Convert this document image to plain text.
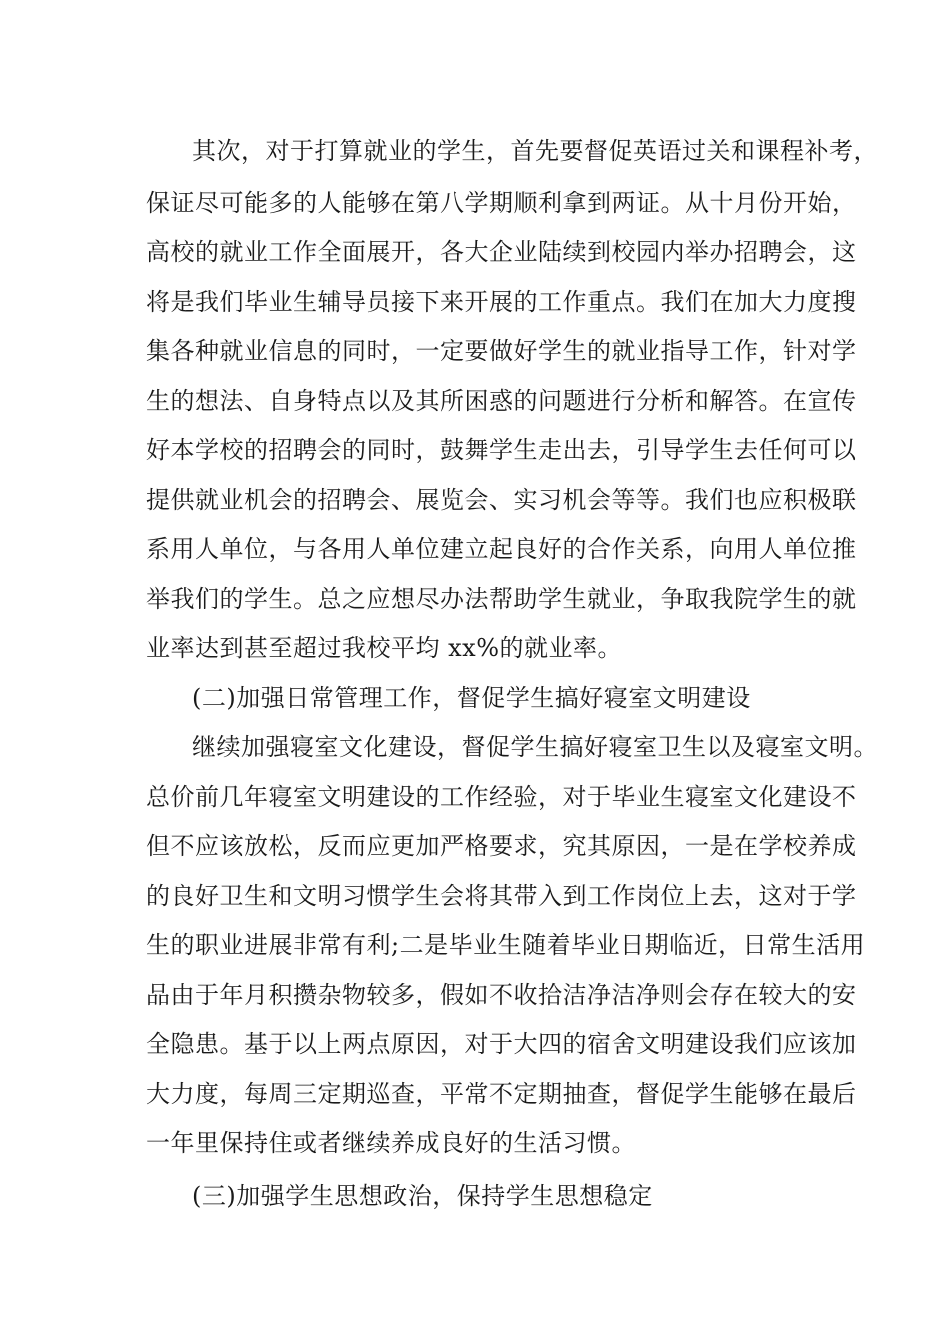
其次，对于打算就业的学生，首先要督促英语过关和课程补考，
保证尽可能多的人能够在第八学期顺利拿到两证。从十月份开始，
高校的就业工作全面展开，各大企业陆续到校园内举办招聘会，这
将是我们毕业生辅导员接下来开展的工作重点。我们在加大力度搜
集各种就业信息的同时，一定要做好学生的就业指导工作，针对学
生的想法、自身特点以及其所困惑的问题进行分析和解答。在宣传
好本学校的招聘会的同时，鼓舞学生走出去，引导学生去任何可以
提供就业机会的招聘会、展览会、实习机会等等。我们也应积极联
系用人单位，与各用人单位建立起良好的合作关系，向用人单位推
举我们的学生。总之应想尽办法帮助学生就业，争取我院学生的就
业率达到甚至超过我校平均 xx%的就业率。
(二)加强日常管理工作，督促学生搞好寝室文明建设
继续加强寝室文化建设，督促学生搞好寝室卫生以及寝室文明。
总价前几年寝室文明建设的工作经验，对于毕业生寝室文化建设不
但不应该放松，反而应更加严格要求，究其原因，一是在学校养成
的良好卫生和文明习惯学生会将其带入到工作岗位上去，这对于学
生的职业进展非常有利;二是毕业生随着毕业日期临近，日常生活用
品由于年月积攒杂物较多，假如不收拾洁净洁净则会存在较大的安
全隐患。基于以上两点原因，对于大四的宿舍文明建设我们应该加
大力度，每周三定期巡查，平常不定期抽查，督促学生能够在最后
一年里保持住或者继续养成良好的生活习惯。
(三)加强学生思想政治，保持学生思想稳定
